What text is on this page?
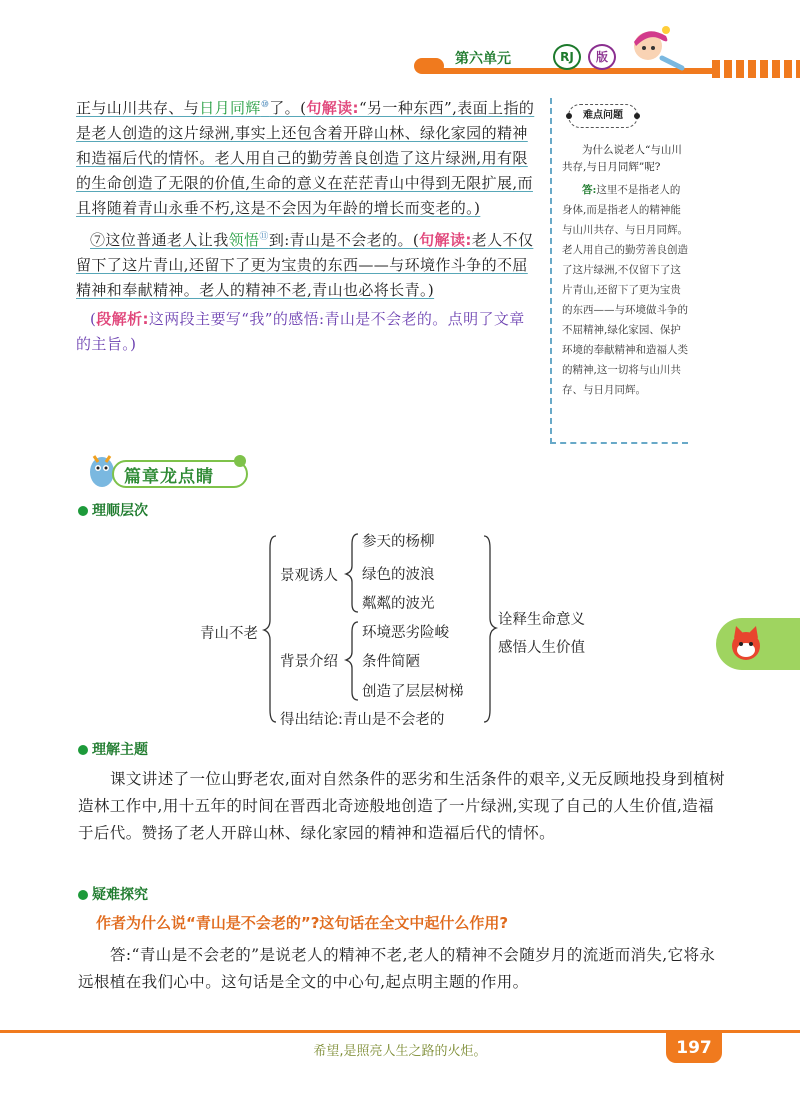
第六单元	RJ	版

正与山川共存、与日月同辉⑩了。(句解读:“另一种东西”,表面上指的是老人创造的这片绿洲,事实上还包含着开辟山林、绿化家园的精神和造福后代的情怀。老人用自己的勤劳善良创造了这片绿洲,用有限的生命创造了无限的价值,生命的意义在茫茫青山中得到无限扩展,而且将随着青山永垂不朽,这是不会因为年龄的增长而变老的。)

⑦这位普通老人让我领悟⑪到:青山是不会老的。(句解读:老人不仅留下了这片青山,还留下了更为宝贵的东西——与环境作斗争的不屈精神和奉献精神。老人的精神不老,青山也必将长青。)

(段解析:这两段主要写“我”的感悟:青山是不会老的。点明了文章的主旨。)

难点问题

为什么说老人“与山川共存,与日月同辉”呢?

答:这里不是指老人的身体,而是指老人的精神能与山川共存、与日月同辉。老人用自己的勤劳善良创造了这片绿洲,不仅留下了这片青山,还留下了更为宝贵的东西——与环境做斗争的不屈精神,绿化家园、保护环境的奉献精神和造福人类的精神,这一切将与山川共存、与日月同辉。

篇章龙点睛
理顺层次
青山不老
景观诱人
参天的杨柳
绿色的波浪
粼粼的波光
背景介绍
环境恶劣险峻
条件简陋
创造了层层树梯
得出结论:青山是不会老的
诠释生命意义
感悟人生价值
理解主题

课文讲述了一位山野老农,面对自然条件的恶劣和生活条件的艰辛,义无反顾地投身到植树造林工作中,用十五年的时间在晋西北奇迹般地创造了一片绿洲,实现了自己的人生价值,造福于后代。赞扬了老人开辟山林、绿化家园的精神和造福后代的情怀。

疑难探究
作者为什么说“青山是不会老的”?这句话在全文中起什么作用?

答:“青山是不会老的”是说老人的精神不老,老人的精神不会随岁月的流逝而消失,它将永远根植在我们心中。这句话是全文的中心句,起点明主题的作用。

希望,是照亮人生之路的火炬。	197
